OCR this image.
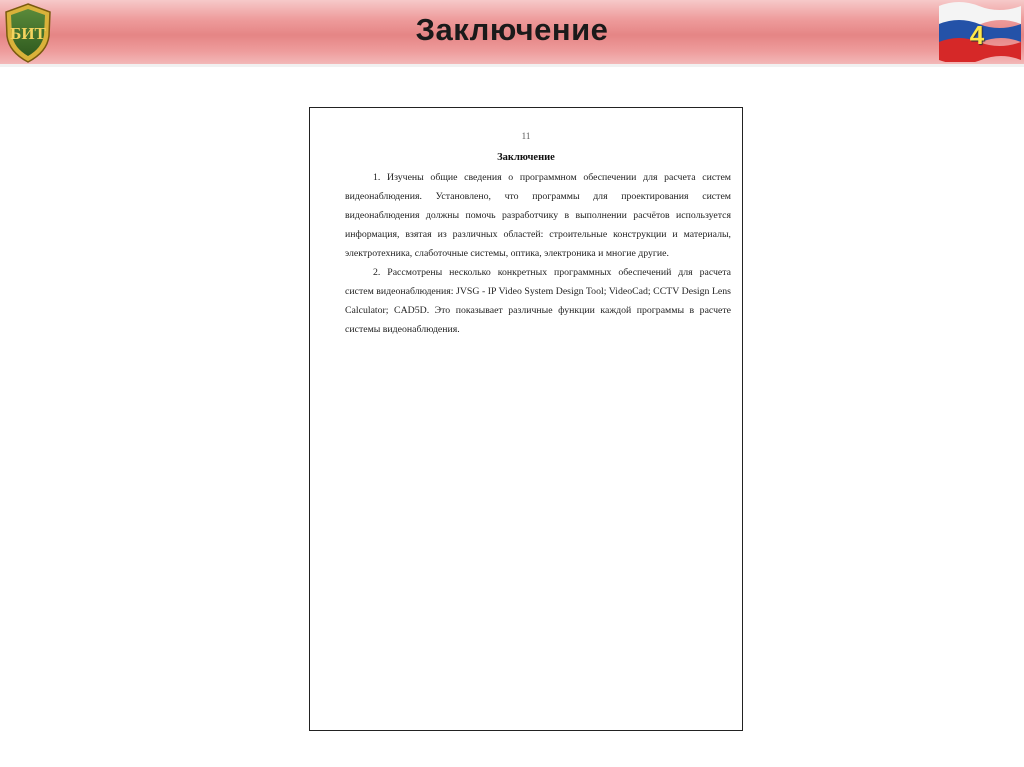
БИТ	Заключение	4
11
Заключение

1. Изучены общие сведения о программном обеспечении для расчета систем видеонаблюдения. Установлено, что программы для проектирования систем видеонаблюдения должны помочь разработчику в выполнении расчётов используется информация, взятая из различных областей: строительные конструкции и материалы, электротехника, слаботочные системы, оптика, электроника и многие другие.

2. Рассмотрены несколько конкретных программных обеспечений для расчета систем видеонаблюдения: JVSG - IP Video System Design Tool; VideoCad; CCTV Design Lens Calculator; CAD5D. Это показывает различные функции каждой программы в расчете системы видеонаблюдения.
